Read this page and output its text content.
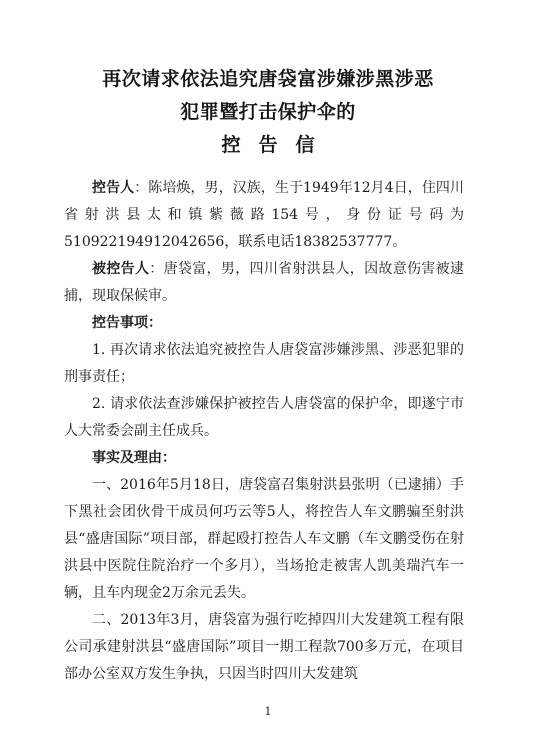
再次请求依法追究唐袋富涉嫌涉黑涉恶
犯罪暨打击保护伞的
控告信

控告人：陈培焕，男，汉族，生于1949年12月4日，住四川省射洪县太和镇紫薇路154号，身份证号码为510922194912042656，联系电话18382537777。

被控告人：唐袋富，男，四川省射洪县人，因故意伤害被逮捕，现取保候审。

控告事项：

1. 再次请求依法追究被控告人唐袋富涉嫌涉黑、涉恶犯罪的刑事责任；

2. 请求依法查涉嫌保护被控告人唐袋富的保护伞，即遂宁市人大常委会副主任成兵。

事实及理由：

一、2016年5月18日，唐袋富召集射洪县张明（已逮捕）手下黑社会团伙骨干成员何巧云等5人，将控告人车文鹏骗至射洪县“盛唐国际”项目部，群起殴打控告人车文鹏（车文鹏受伤在射洪县中医院住院治疗一个多月），当场抢走被害人凯美瑞汽车一辆，且车内现金2万余元丢失。

二、2013年3月，唐袋富为强行吃掉四川大发建筑工程有限公司承建射洪县“盛唐国际”项目一期工程款700多万元，在项目部办公室双方发生争执，只因当时四川大发建筑

1
